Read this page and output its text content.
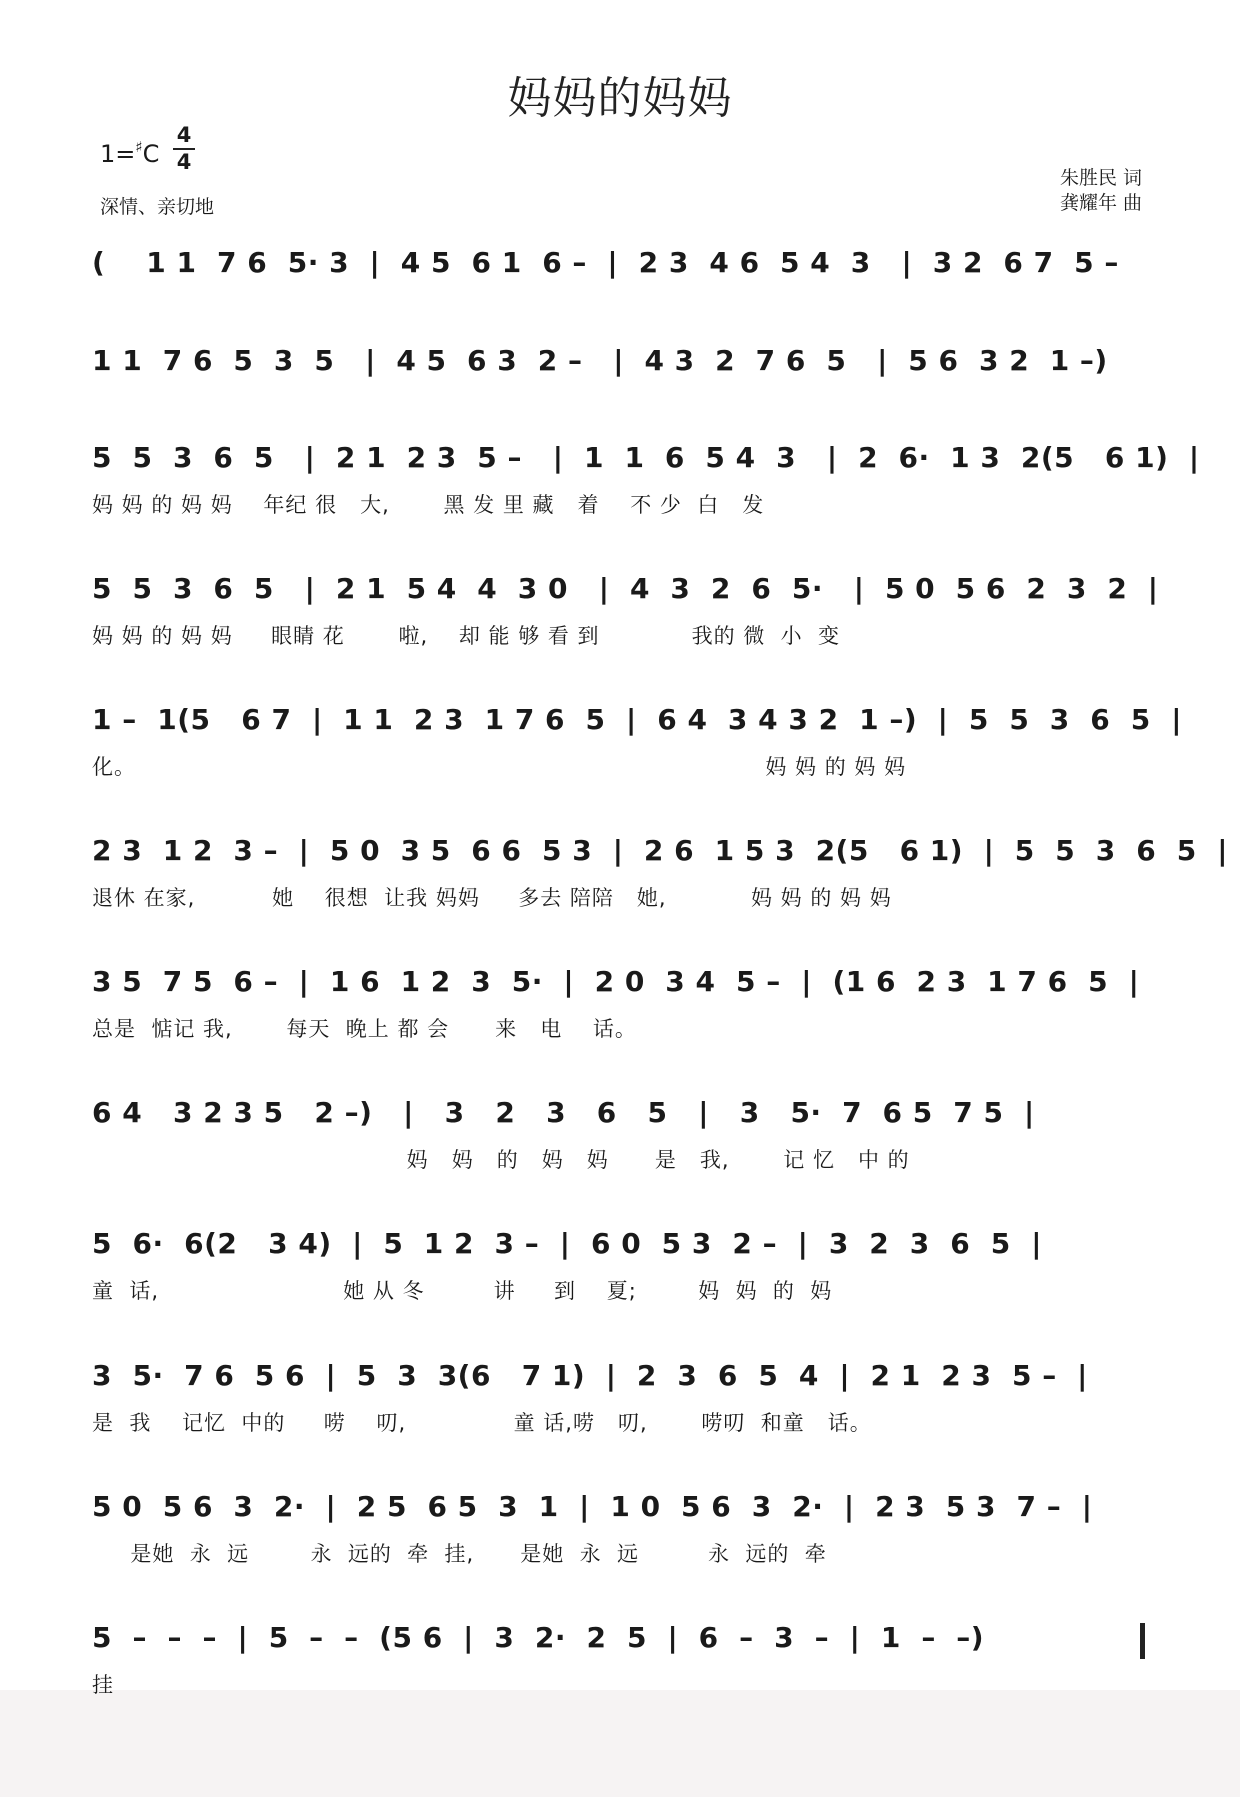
妈妈的妈妈
1=♯C
4
4
深情、亲切地
朱胜民 词
龚耀年 曲
(    1 1  7 6  5· 3  |  4 5  6 1  6 –  |  2 3  4 6  5 4  3   |  3 2  6 7  5 –
1 1  7 6  5  3  5   |  4 5  6 3  2 –   |  4 3  2  7 6  5   |  5 6  3 2  1 –)
5  5  3  6  5   |  2 1  2 3  5 –   |  1  1  6  5 4  3   |  2  6·  1 3  2(5   6 1)  |
妈 妈 的 妈 妈    年纪 很   大,       黑 发 里 藏   着    不 少  白   发
5  5  3  6  5   |  2 1  5 4  4  3 0   |  4  3  2  6  5·   |  5 0  5 6  2  3  2  |
妈 妈 的 妈 妈     眼睛 花       啦,    却 能 够 看 到            我的 微  小  变
1 –  1(5   6 7  |  1 1  2 3  1 7 6  5  |  6 4  3 4 3 2  1 –)  |  5  5  3  6  5  |
化。                                                                                  妈 妈 的 妈 妈
2 3  1 2  3 –  |  5 0  3 5  6 6  5 3  |  2 6  1 5 3  2(5   6 1)  |  5  5  3  6  5  |
退休 在家,          她    很想  让我 妈妈     多去 陪陪   她,           妈 妈 的 妈 妈
3 5  7 5  6 –  |  1 6  1 2  3  5·  |  2 0  3 4  5 –  |  (1 6  2 3  1 7 6  5  |
总是  惦记 我,       每天  晚上 都 会      来   电    话。
6 4   3 2 3 5   2 –)   |   3   2   3   6   5   |   3   5·  7  6 5  7 5  |
妈   妈   的   妈   妈      是   我,       记 忆   中 的
5  6·  6(2   3 4)  |  5  1 2  3 –  |  6 0  5 3  2 –  |  3  2  3  6  5  |
童  话,                        她 从 冬         讲     到    夏;        妈  妈  的  妈
3  5·  7 6  5 6  |  5  3  3(6   7 1)  |  2  3  6  5  4  |  2 1  2 3  5 –  |
是  我    记忆  中的     唠    叨,              童 话,唠   叨,       唠叨  和童   话。
5 0  5 6  3  2·  |  2 5  6 5  3  1  |  1 0  5 6  3  2·  |  2 3  5 3  7 –  |
是她  永  远        永  远的  牵  挂,      是她  永  远         永  远的  牵
5  –  –  –  |  5  –  –  (5 6  |  3  2·  2  5  |  6  –  3  –  |  1  –  –)
挂
